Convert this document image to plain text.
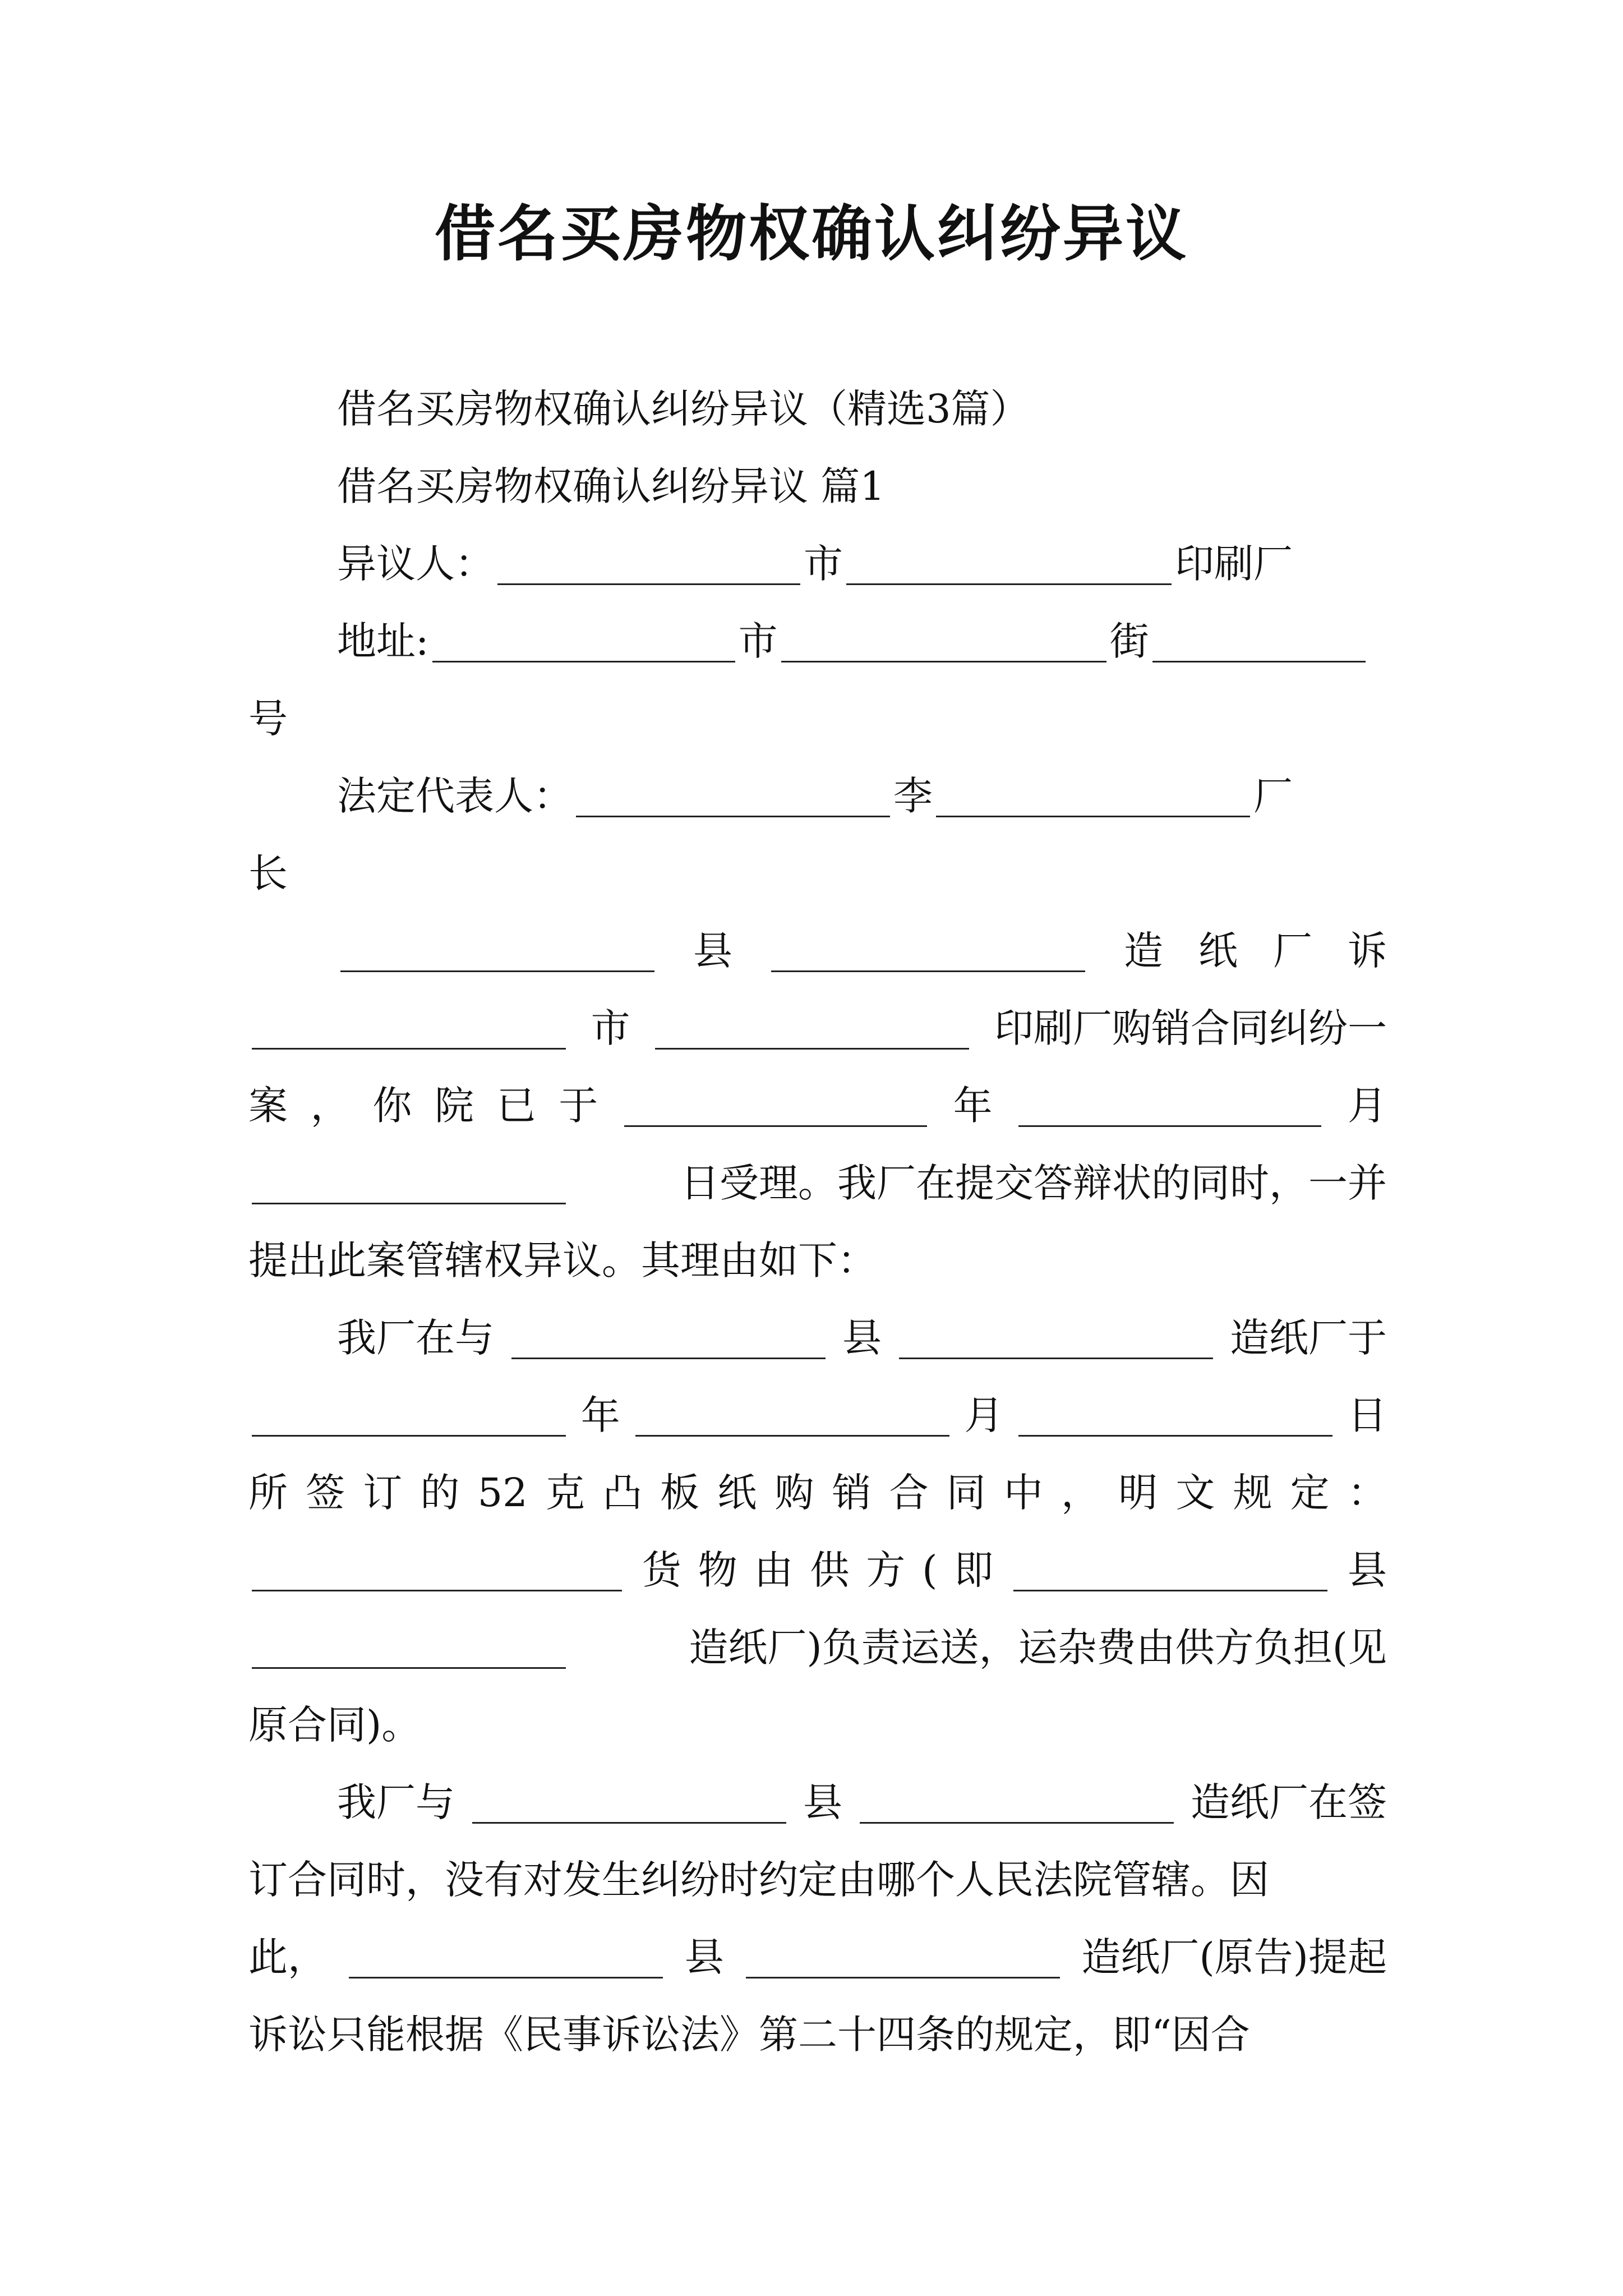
借名买房物权确认纠纷异议
借名买房物权确认纠纷异议（精选3篇）
借名买房物权确认纠纷异议 篇1
异议人：	市	印刷厂
地址:	市	街
号
法定代表人：	李	厂
长
县	造 纸 厂 诉
市	印刷厂购销合同纠纷一
案 ， 你 院 已 于	年	月
日受理。我厂在提交答辩状的同时，一并
提出此案管辖权异议。其理由如下：
我厂在与	县	造纸厂于
年	月	日
所 签 订 的 52 克 凸 板 纸 购 销 合 同 中 ， 明 文 规 定 ：
货 物 由 供 方 ( 即	县
造纸厂)负责运送，运杂费由供方负担(见
原合同)。
我厂与	县	造纸厂在签
订合同时，没有对发生纠纷时约定由哪个人民法院管辖。因
此，	县	造纸厂(原告)提起
诉讼只能根据《民事诉讼法》第二十四条的规定，即“因合
